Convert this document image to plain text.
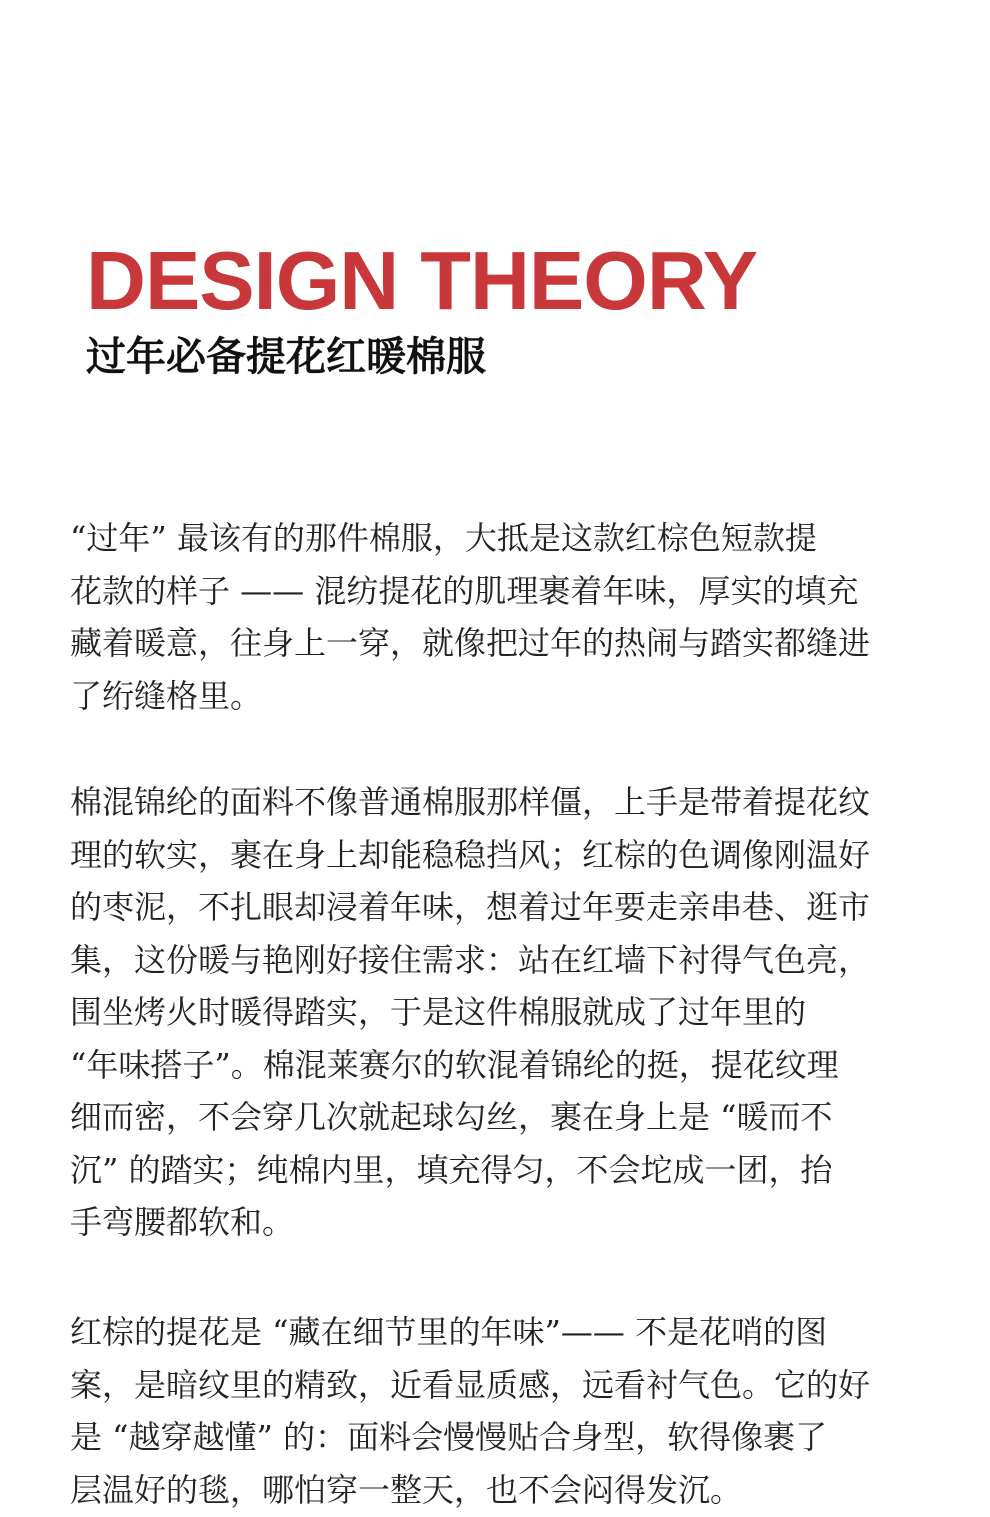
DESIGN THEORY
过年必备提花红暖棉服
“过年” 最该有的那件棉服，大抵是这款红棕色短款提
花款的样子 —— 混纺提花的肌理裹着年味，厚实的填充
藏着暖意，往身上一穿，就像把过年的热闹与踏实都缝进
了绗缝格里。
棉混锦纶的面料不像普通棉服那样僵，上手是带着提花纹
理的软实，裹在身上却能稳稳挡风；红棕的色调像刚温好
的枣泥，不扎眼却浸着年味，想着过年要走亲串巷、逛市
集，这份暖与艳刚好接住需求：站在红墙下衬得气色亮，
围坐烤火时暖得踏实，于是这件棉服就成了过年里的
“年味搭子”。棉混莱赛尔的软混着锦纶的挺，提花纹理
细而密，不会穿几次就起球勾丝，裹在身上是 “暖而不
沉” 的踏实；纯棉内里，填充得匀，不会坨成一团，抬
手弯腰都软和。
红棕的提花是 “藏在细节里的年味”—— 不是花哨的图
案，是暗纹里的精致，近看显质感，远看衬气色。它的好
是 “越穿越懂” 的：面料会慢慢贴合身型，软得像裹了
层温好的毯，哪怕穿一整天，也不会闷得发沉。
